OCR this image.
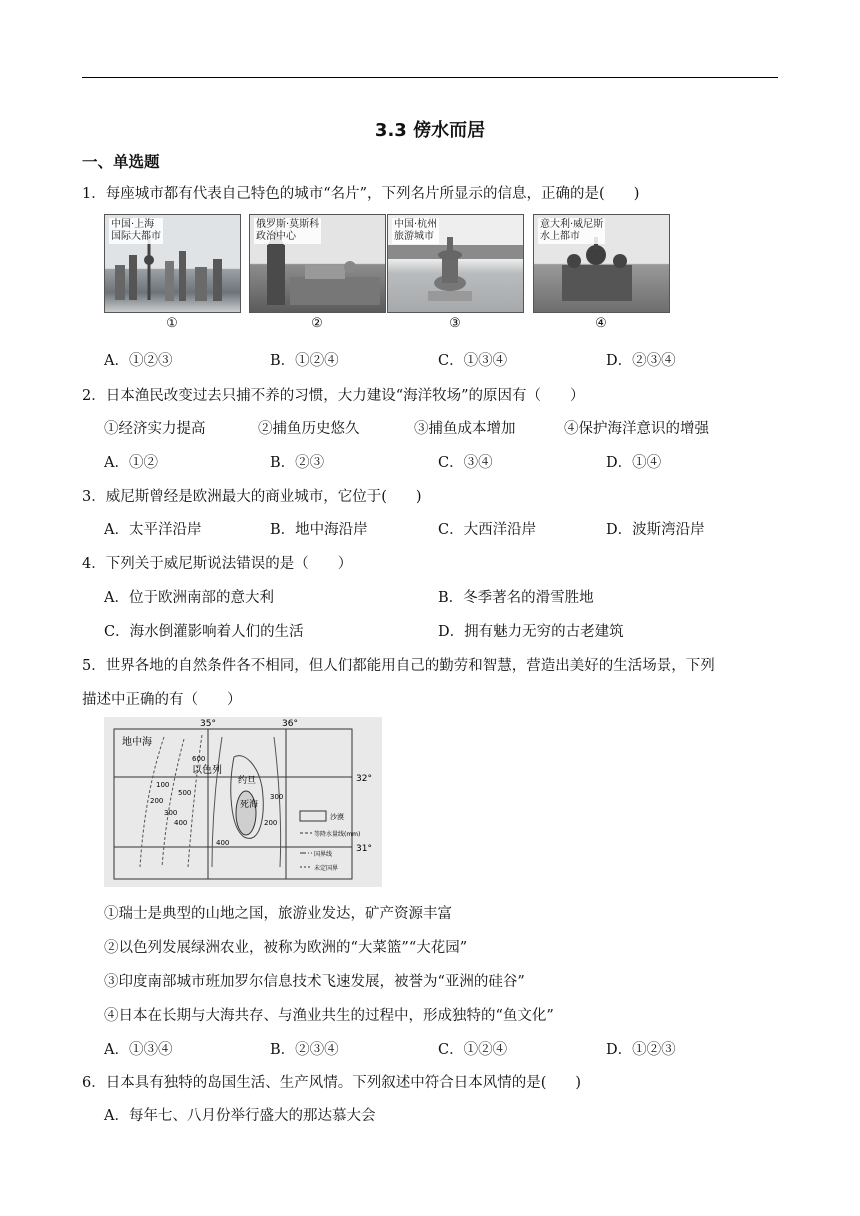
3.3 傍水而居
一、单选题
1．每座城市都有代表自己特色的城市“名片”，下列名片所显示的信息，正确的是(　　)
中国·上海
国际大都市
俄罗斯·莫斯科
政治中心
中国·杭州
旅游城市
意大利·威尼斯
水上都市
①	②	③	④
A．①②③	B．①②④	C．①③④	D．②③④
2．日本渔民改变过去只捕不养的习惯，大力建设“海洋牧场”的原因有（　　）
①经济实力提高	②捕鱼历史悠久	③捕鱼成本增加	④保护海洋意识的增强
A．①②	B．②③	C．③④	D．①④
3．威尼斯曾经是欧洲最大的商业城市，它位于(　　)
A．太平洋沿岸	B．地中海沿岸	C．大西洋沿岸	D．波斯湾沿岸
4．下列关于威尼斯说法错误的是（　　）
A．位于欧洲南部的意大利	B．冬季著名的滑雪胜地
C．海水倒灌影响着人们的生活	D．拥有魅力无穷的古老建筑
5．世界各地的自然条件各不相同，但人们都能用自己的勤劳和智慧，营造出美好的生活场景，下列
描述中正确的有（　　）
35°	36°
32°
31°
地中海
以色列
约旦
死海
沙漠
等降水量线(mm)
国界线
未定国界
100
200
300
400
500
600
200
300
400
①瑞士是典型的山地之国，旅游业发达，矿产资源丰富
②以色列发展绿洲农业，被称为欧洲的“大菜篮”“大花园”
③印度南部城市班加罗尔信息技术飞速发展，被誉为“亚洲的硅谷”
④日本在长期与大海共存、与渔业共生的过程中，形成独特的“鱼文化”
A．①③④	B．②③④	C．①②④	D．①②③
6．日本具有独特的岛国生活、生产风情。下列叙述中符合日本风情的是(　　)
A．每年七、八月份举行盛大的那达慕大会
